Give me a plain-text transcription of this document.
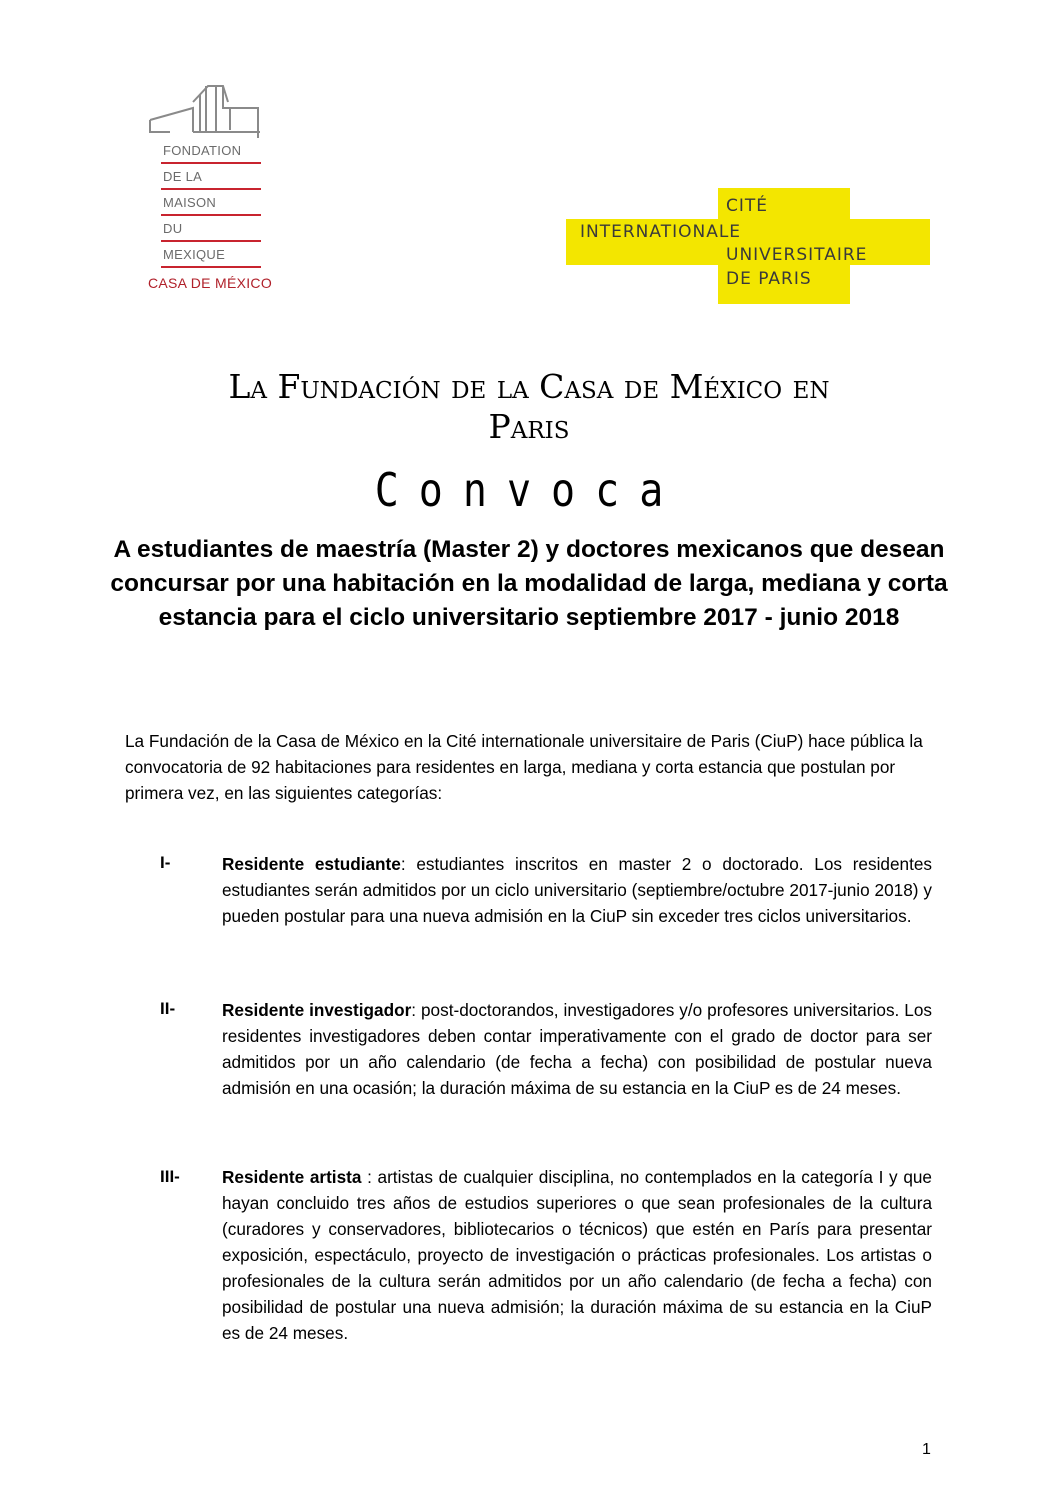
FONDATION
DE LA
MAISON
DU
MEXIQUE
CASA DE MÉXICO
CITÉ
INTERNATIONALE
UNIVERSITAIRE
DE PARIS
La Fundación de la Casa de México en
Paris
Convoca
A estudiantes de maestría (Master 2) y doctores mexicanos que desean concursar por una habitación en la modalidad de larga, mediana y corta estancia para el ciclo universitario septiembre 2017 - junio 2018
La Fundación de la Casa de México en la Cité internationale universitaire de Paris (CiuP) hace pública la convocatoria de 92 habitaciones para residentes en larga, mediana y corta estancia que postulan por primera vez, en las siguientes categorías:
I-	Residente estudiante: estudiantes inscritos en master 2 o doctorado. Los residentes estudiantes serán admitidos por un ciclo universitario (septiembre/octubre 2017-junio 2018) y pueden postular para una nueva admisión en la CiuP sin exceder tres ciclos universitarios.
II-	Residente investigador: post-doctorandos, investigadores y/o profesores universitarios. Los residentes investigadores deben contar imperativamente con el grado de doctor para ser admitidos por un año calendario (de fecha a fecha) con posibilidad de postular nueva admisión en una ocasión; la duración máxima de su estancia en la CiuP es de 24 meses.
III- Residente artista : artistas de cualquier disciplina, no contemplados en la categoría I y que hayan concluido tres años de estudios superiores o que sean profesionales de la cultura (curadores y conservadores, bibliotecarios o técnicos) que estén en París para presentar exposición, espectáculo, proyecto de investigación o prácticas profesionales. Los artistas o profesionales de la cultura serán admitidos por un año calendario (de fecha a fecha) con posibilidad de postular una nueva admisión; la duración máxima de su estancia en la CiuP es de 24 meses.
1
